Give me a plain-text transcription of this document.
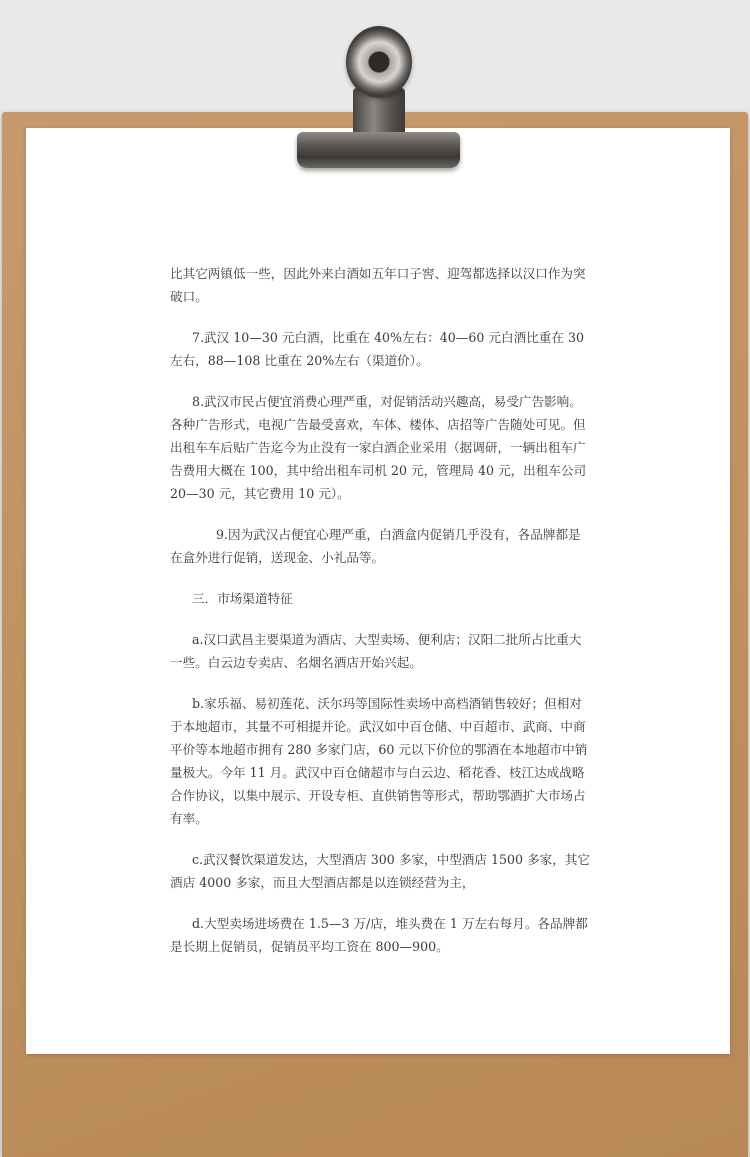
比其它两镇低一些，因此外来白酒如五年口子窖、迎驾都选择以汉口作为突破口。

7.武汉 10—30 元白酒，比重在 40%左右：40—60 元白酒比重在 30 左右，88—108 比重在 20%左右（渠道价）。

8.武汉市民占便宜消费心理严重，对促销活动兴趣高，易受广告影响。各种广告形式，电视广告最受喜欢，车体、楼体、店招等广告随处可见。但出租车车后贴广告迄今为止没有一家白酒企业采用（据调研，一辆出租车广告费用大概在 100，其中给出租车司机 20 元，管理局 40 元，出租车公司 20—30 元，其它费用 10 元）。

9.因为武汉占便宜心理严重，白酒盒内促销几乎没有，各品牌都是在盒外进行促销，送现金、小礼品等。

三．市场渠道特征

a.汉口武昌主要渠道为酒店、大型卖场、便利店；汉阳二批所占比重大一些。白云边专卖店、名烟名酒店开始兴起。

b.家乐福、易初莲花、沃尔玛等国际性卖场中高档酒销售较好；但相对于本地超市，其量不可相提并论。武汉如中百仓储、中百超市、武商、中商平价等本地超市拥有 280 多家门店，60 元以下价位的鄂酒在本地超市中销量极大。今年 11 月。武汉中百仓储超市与白云边、稻花香、枝江达成战略合作协议，以集中展示、开设专柜、直供销售等形式，帮助鄂酒扩大市场占有率。

c.武汉餐饮渠道发达，大型酒店 300 多家，中型酒店 1500 多家，其它酒店 4000 多家，而且大型酒店都是以连锁经营为主，

d.大型卖场进场费在 1.5—3 万/店，堆头费在 1 万左右每月。各品牌都是长期上促销员，促销员平均工资在 800—900。
